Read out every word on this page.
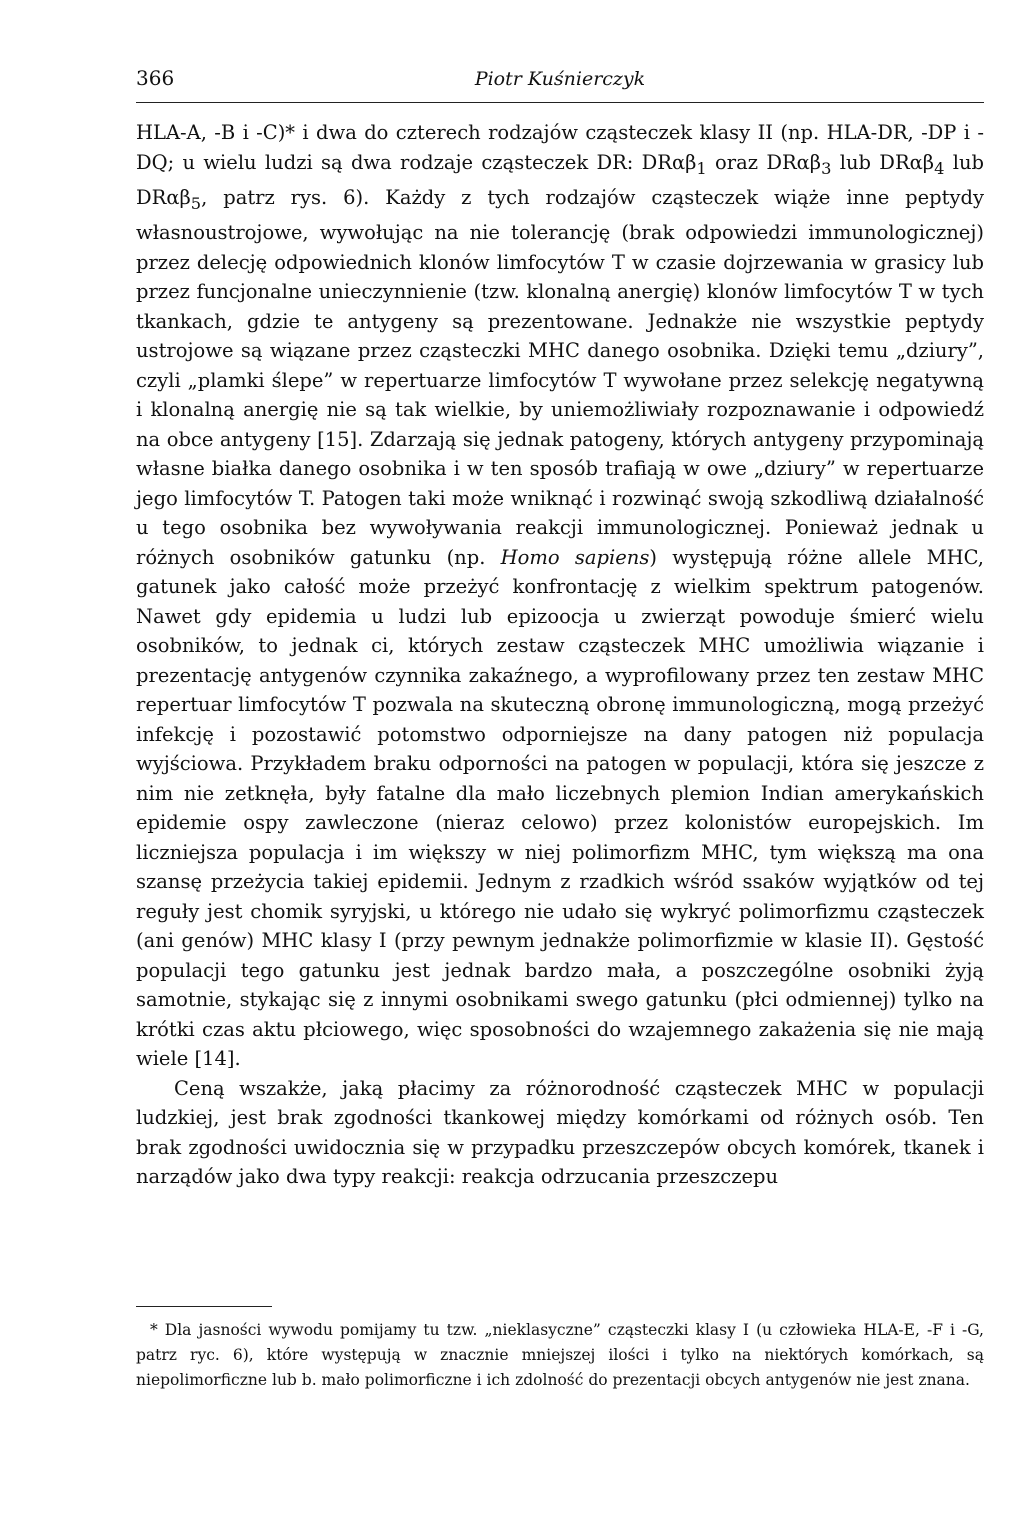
366	Piotr Kuśnierczyk

HLA-A, -B i -C)* i dwa do czterech rodzajów cząsteczek klasy II (np. HLA-DR, -DP i -DQ; u wielu ludzi są dwa rodzaje cząsteczek DR: DRαβ$_1$ oraz DRαβ$_3$ lub DRαβ$_4$ lub DRαβ$_5$, patrz rys. 6). Każdy z tych rodzajów cząsteczek wiąże inne peptydy własnoustrojowe, wywołując na nie tolerancję (brak odpowiedzi immunologicznej) przez delecję odpowiednich klonów limfocytów T w czasie dojrzewania w grasicy lub przez funcjonalne unieczynnienie (tzw. klonalną anergię) klonów limfocytów T w tych tkankach, gdzie te antygeny są prezentowane. Jednakże nie wszystkie peptydy ustrojowe są wiązane przez cząsteczki MHC danego osobnika. Dzięki temu „dziury”, czyli „plamki ślepe” w repertuarze limfocytów T wywołane przez selekcję negatywną i klonalną anergię nie są tak wielkie, by uniemożliwiały rozpoznawanie i odpowiedź na obce antygeny [15]. Zdarzają się jednak patogeny, których antygeny przypominają własne białka danego osobnika i w ten sposób trafiają w owe „dziury” w repertuarze jego limfocytów T. Patogen taki może wniknąć i rozwinąć swoją szkodliwą działalność u tego osobnika bez wywoływania reakcji immunologicznej. Ponieważ jednak u różnych osobników gatunku (np. Homo sapiens) występują różne allele MHC, gatunek jako całość może przeżyć konfrontację z wielkim spektrum patogenów. Nawet gdy epidemia u ludzi lub epizoocja u zwierząt powoduje śmierć wielu osobników, to jednak ci, których zestaw cząsteczek MHC umożliwia wiązanie i prezentację antygenów czynnika zakaźnego, a wyprofilowany przez ten zestaw MHC repertuar limfocytów T pozwala na skuteczną obronę immunologiczną, mogą przeżyć infekcję i pozostawić potomstwo odporniejsze na dany patogen niż populacja wyjściowa. Przykładem braku odporności na patogen w populacji, która się jeszcze z nim nie zetknęła, były fatalne dla mało liczebnych plemion Indian amerykańskich epidemie ospy zawleczone (nieraz celowo) przez kolonistów europejskich. Im liczniejsza populacja i im większy w niej polimorfizm MHC, tym większą ma ona szansę przeżycia takiej epidemii. Jednym z rzadkich wśród ssaków wyjątków od tej reguły jest chomik syryjski, u którego nie udało się wykryć polimorfizmu cząsteczek (ani genów) MHC klasy I (przy pewnym jednakże polimorfizmie w klasie II). Gęstość populacji tego gatunku jest jednak bardzo mała, a poszczególne osobniki żyją samotnie, stykając się z innymi osobnikami swego gatunku (płci odmiennej) tylko na krótki czas aktu płciowego, więc sposobności do wzajemnego zakażenia się nie mają wiele [14].

Ceną wszakże, jaką płacimy za różnorodność cząsteczek MHC w populacji ludzkiej, jest brak zgodności tkankowej między komórkami od różnych osób. Ten brak zgodności uwidocznia się w przypadku przeszczepów obcych komórek, tkanek i narządów jako dwa typy reakcji: reakcja odrzucania przeszczepu

* Dla jasności wywodu pomijamy tu tzw. „nieklasyczne” cząsteczki klasy I (u człowieka HLA-E, -F i -G, patrz ryc. 6), które występują w znacznie mniejszej ilości i tylko na niektórych komórkach, są niepolimorficzne lub b. mało polimorficzne i ich zdolność do prezentacji obcych antygenów nie jest znana.
